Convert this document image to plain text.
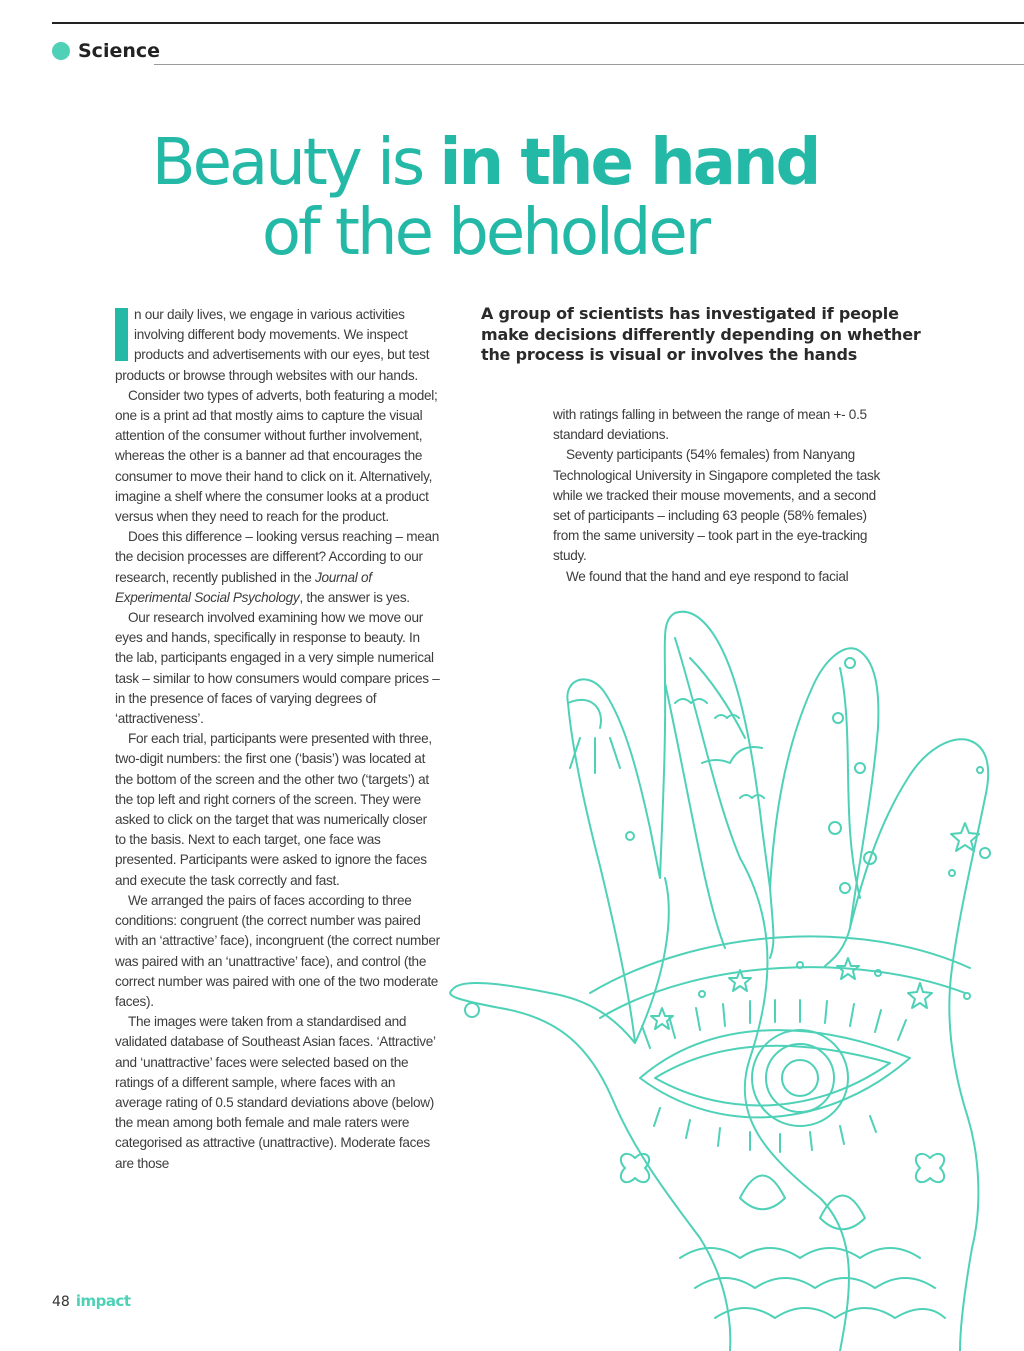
Science
Beauty is in the hand
of the beholder

n our daily lives, we engage in various activities involving different body movements. We inspect products and advertisements with our eyes, but test products or browse through websites with our hands.

Consider two types of adverts, both featuring a model; one is a print ad that mostly aims to capture the visual attention of the consumer without further involvement, whereas the other is a banner ad that encourages the consumer to move their hand to click on it. Alternatively, imagine a shelf where the consumer looks at a product versus when they need to reach for the product.

Does this difference – looking versus reaching – mean the decision processes are different? According to our research, recently published in the Journal of Experimental Social Psychology, the answer is yes.

Our research involved examining how we move our eyes and hands, specifically in response to beauty. In the lab, participants engaged in a very simple numerical task – similar to how consumers would compare prices – in the presence of faces of varying degrees of ‘attractiveness’.

For each trial, participants were presented with three, two-digit numbers: the first one (‘basis’) was located at the bottom of the screen and the other two (‘targets’) at the top left and right corners of the screen. They were asked to click on the target that was numerically closer to the basis. Next to each target, one face was presented. Participants were asked to ignore the faces and execute the task correctly and fast.

We arranged the pairs of faces according to three conditions: congruent (the correct number was paired with an ‘attractive’ face), incongruent (the correct number was paired with an ‘unattractive’ face), and control (the correct number was paired with one of the two moderate faces).

The images were taken from a standardised and validated database of Southeast Asian faces. ‘Attractive’ and ‘unattractive’ faces were selected based on the ratings of a different sample, where faces with an average rating of 0.5 standard deviations above (below) the mean among both female and male raters were categorised as attractive (unattractive). Moderate faces are those

A group of scientists has investigated if people make decisions differently depending on whether the process is visual or involves the hands

with ratings falling in between the range of mean +- 0.5 standard deviations.

Seventy participants (54% females) from Nanyang Technological University in Singapore completed the task while we tracked their mouse movements, and a second set of participants – including 63 people (58% females) from the same university – took part in the eye-tracking study.

We found that the hand and eye respond to facial

48 impact
